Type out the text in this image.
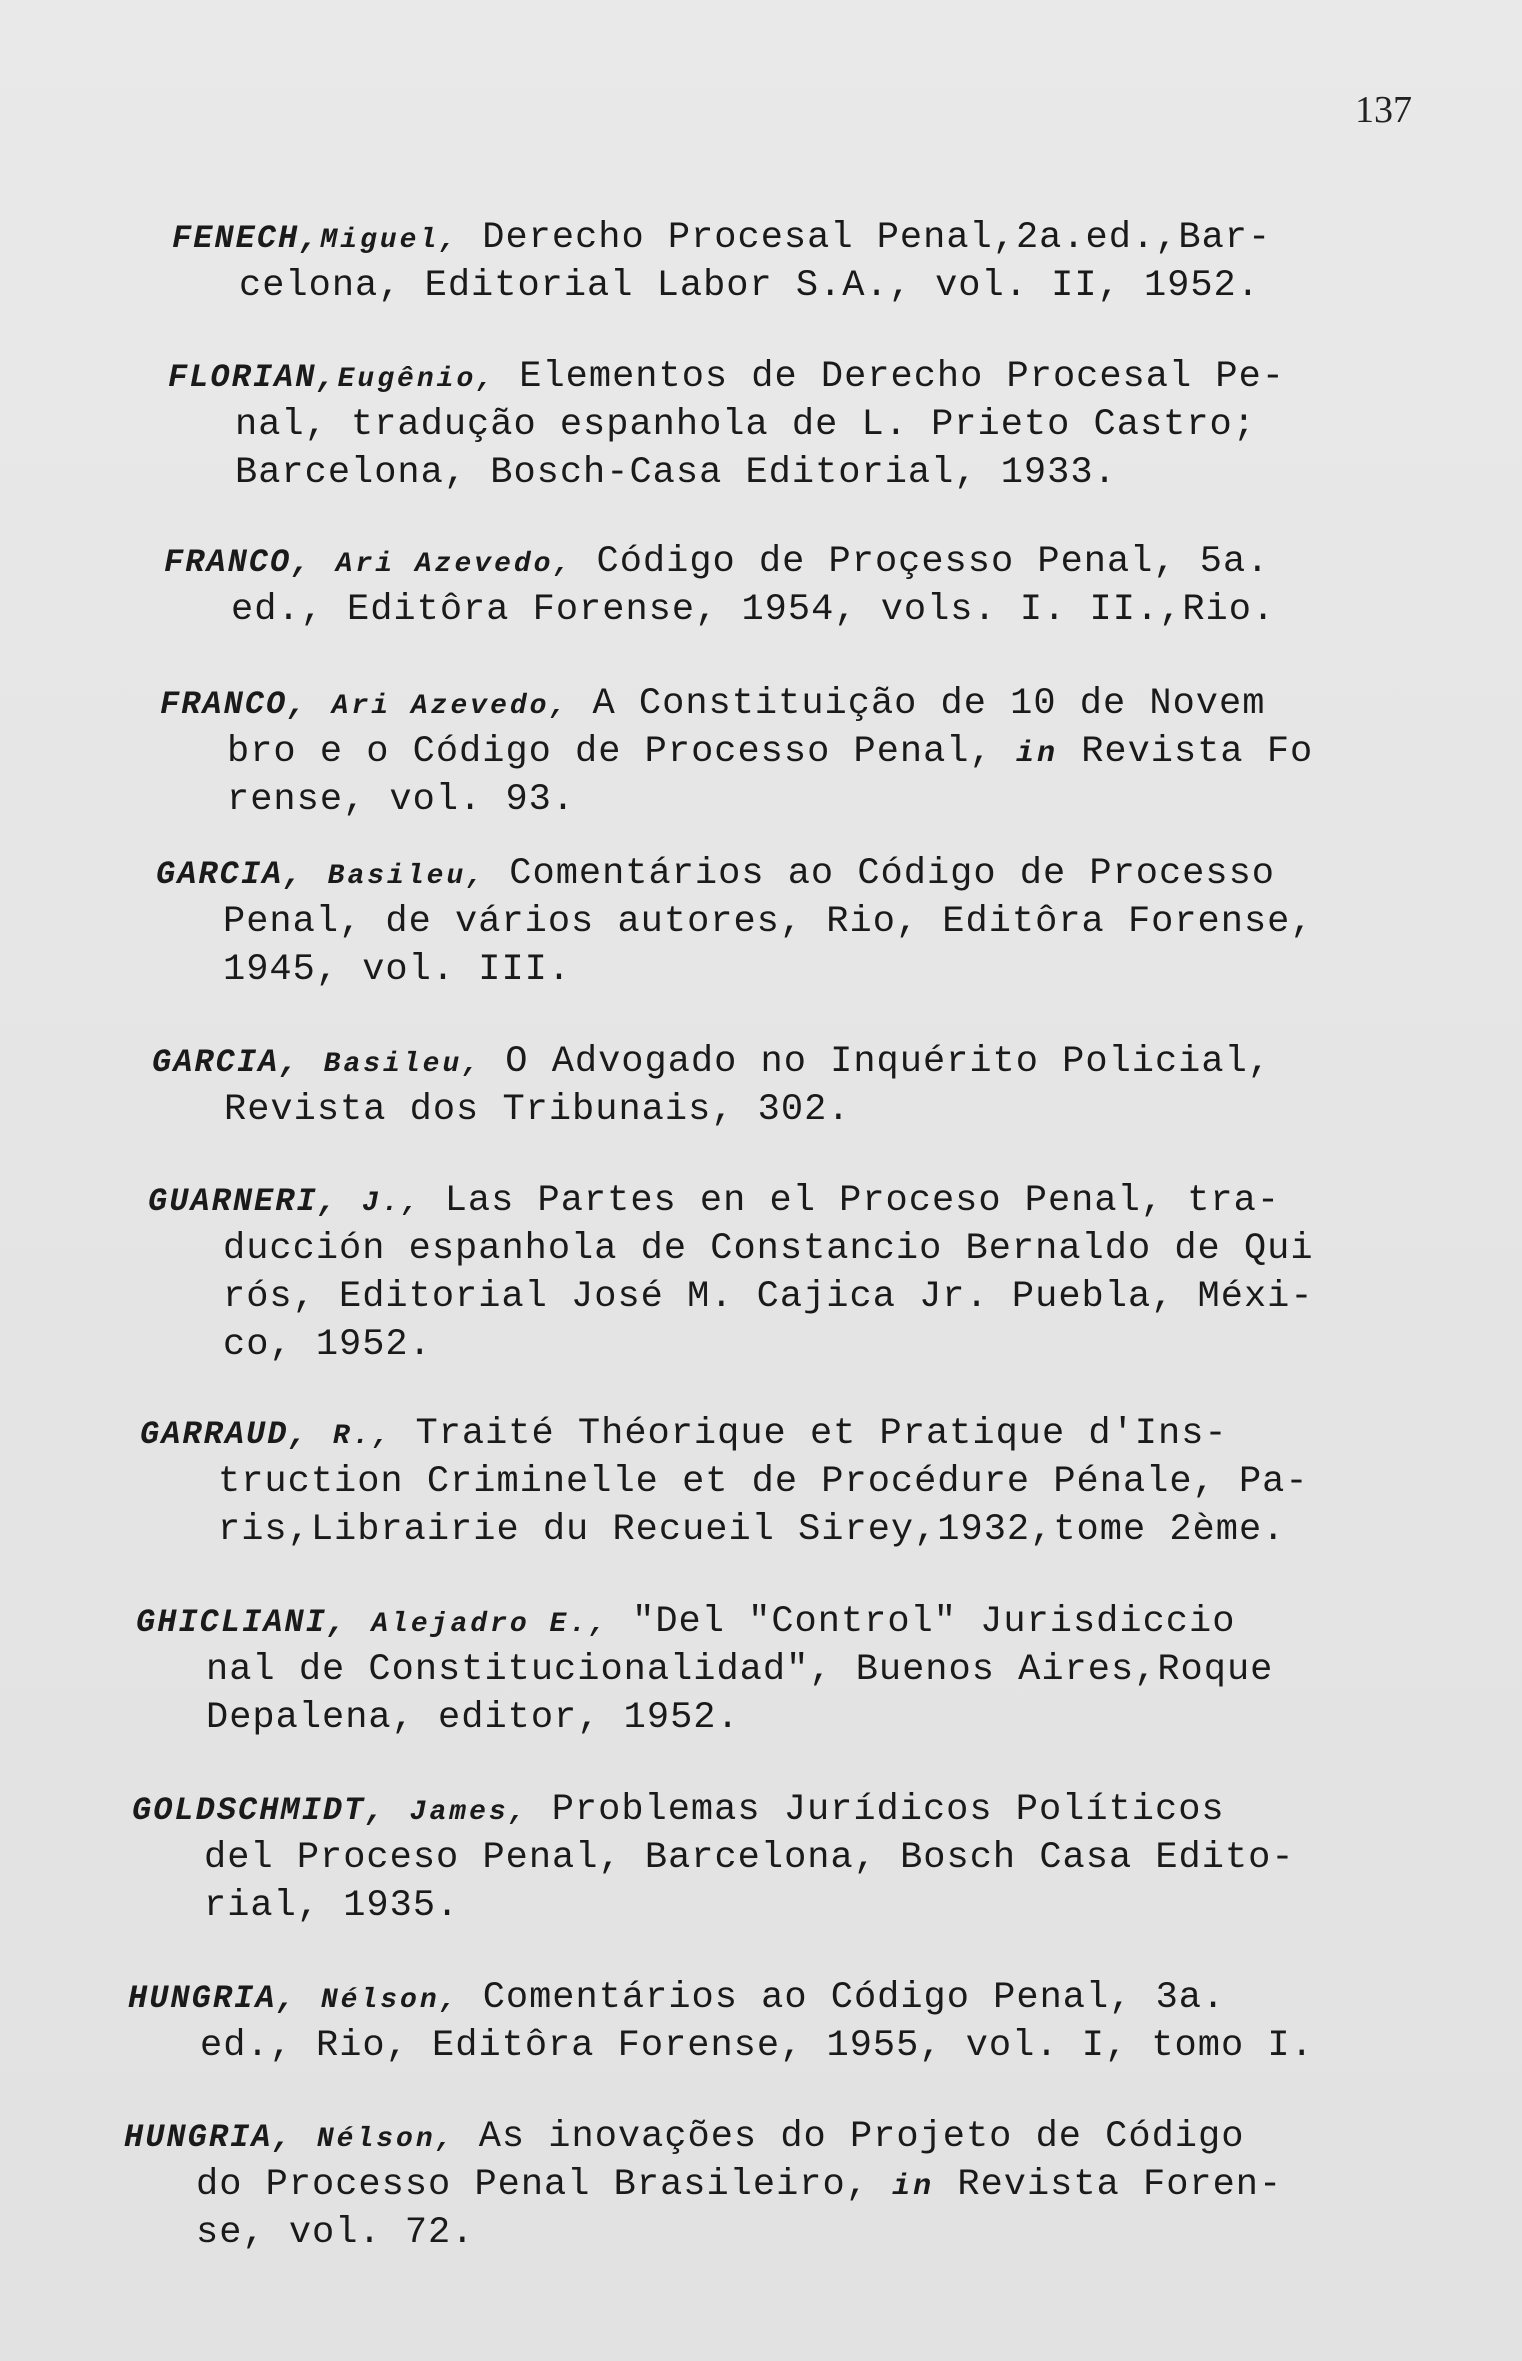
137
FENECH,Miguel, Derecho Procesal Penal,2a.ed.,Bar-
celona, Editorial Labor S.A., vol. II, 1952.
FLORIAN,Eugênio, Elementos de Derecho Procesal Pe-
nal, tradução espanhola de L. Prieto Castro;
Barcelona, Bosch-Casa Editorial, 1933.
FRANCO, Ari Azevedo, Código de Proçesso Penal, 5a.
ed., Editôra Forense, 1954, vols. I. II.,Rio.
FRANCO, Ari Azevedo, A Constituição de 10 de Novem
bro e o Código de Processo Penal, in Revista Fo
rense, vol. 93.
GARCIA, Basileu, Comentários ao Código de Processo
Penal, de vários autores, Rio, Editôra Forense,
1945, vol. III.
GARCIA, Basileu, O Advogado no Inquérito Policial,
Revista dos Tribunais, 302.
GUARNERI, J., Las Partes en el Proceso Penal, tra-
ducción espanhola de Constancio Bernaldo de Qui
rós, Editorial José M. Cajica Jr. Puebla, Méxi-
co, 1952.
GARRAUD, R., Traité Théorique et Pratique d'Ins-
truction Criminelle et de Procédure Pénale, Pa-
ris,Librairie du Recueil Sirey,1932,tome 2ème.
GHICLIANI, Alejadro E., "Del "Control" Jurisdiccio
nal de Constitucionalidad", Buenos Aires,Roque
Depalena, editor, 1952.
GOLDSCHMIDT, James, Problemas Jurídicos Políticos
del Proceso Penal, Barcelona, Bosch Casa Edito-
rial, 1935.
HUNGRIA, Nélson, Comentários ao Código Penal, 3a.
ed., Rio, Editôra Forense, 1955, vol. I, tomo I.
HUNGRIA, Nélson, As inovações do Projeto de Código
do Processo Penal Brasileiro, in Revista Foren-
se, vol. 72.
